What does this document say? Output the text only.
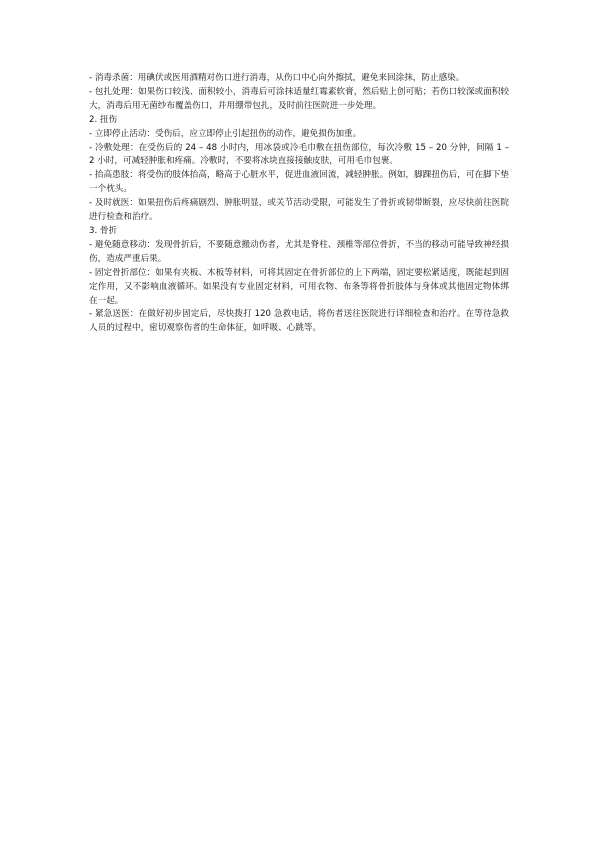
- 消毒杀菌：用碘伏或医用酒精对伤口进行消毒，从伤口中心向外擦拭，避免来回涂抹，防止感染。

- 包扎处理：如果伤口较浅、面积较小，消毒后可涂抹适量红霉素软膏，然后贴上创可贴；若伤口较深或面积较大，消毒后用无菌纱布覆盖伤口，并用绷带包扎，及时前往医院进一步处理。

2. 扭伤

- 立即停止活动：受伤后，应立即停止引起扭伤的动作，避免损伤加重。

- 冷敷处理：在受伤后的 24 – 48 小时内，用冰袋或冷毛巾敷在扭伤部位，每次冷敷 15 – 20 分钟，间隔 1 – 2 小时，可减轻肿胀和疼痛。冷敷时，不要将冰块直接接触皮肤，可用毛巾包裹。

- 抬高患肢：将受伤的肢体抬高，略高于心脏水平，促进血液回流，减轻肿胀。例如，脚踝扭伤后，可在脚下垫一个枕头。

- 及时就医：如果扭伤后疼痛剧烈、肿胀明显，或关节活动受限，可能发生了骨折或韧带断裂，应尽快前往医院进行检查和治疗。

3. 骨折

- 避免随意移动：发现骨折后，不要随意搬动伤者，尤其是脊柱、颈椎等部位骨折，不当的移动可能导致神经损伤，造成严重后果。

- 固定骨折部位：如果有夹板、木板等材料，可将其固定在骨折部位的上下两端，固定要松紧适度，既能起到固定作用，又不影响血液循环。如果没有专业固定材料，可用衣物、布条等将骨折肢体与身体或其他固定物体绑在一起。

- 紧急送医：在做好初步固定后，尽快拨打 120 急救电话，将伤者送往医院进行详细检查和治疗。在等待急救人员的过程中，密切观察伤者的生命体征，如呼吸、心跳等。
